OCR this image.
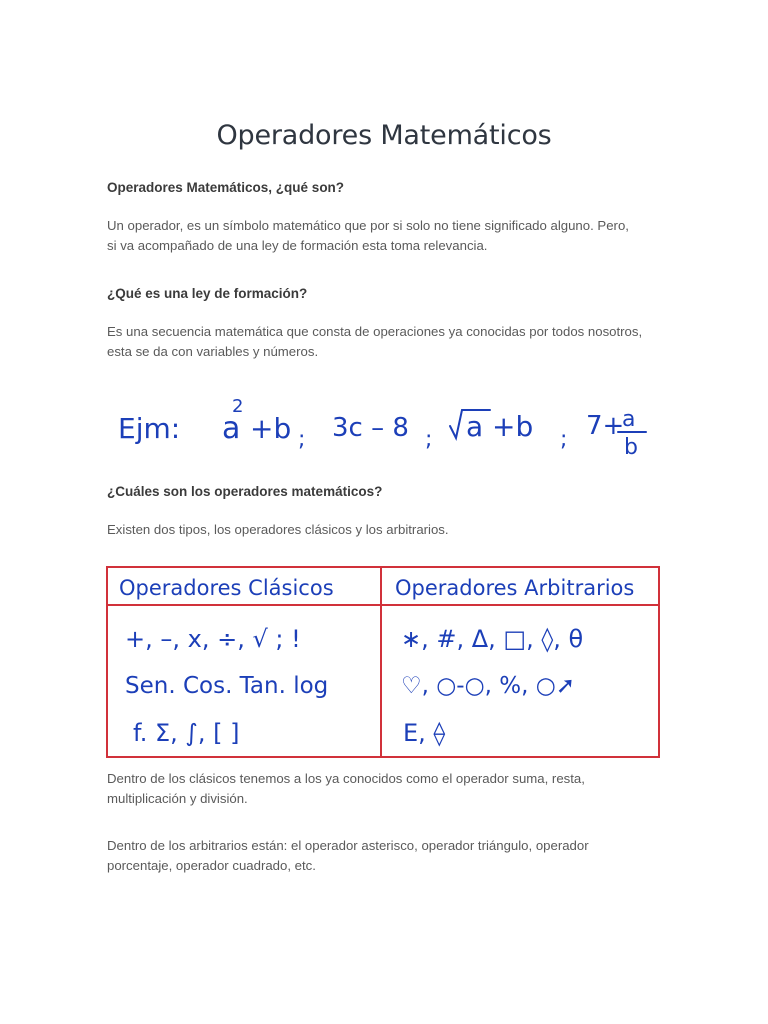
Operadores Matemáticos
Operadores Matemáticos, ¿qué son?
Un operador, es un símbolo matemático que por si solo no tiene significado alguno. Pero,
si va acompañado de una ley de formación esta toma relevancia.
¿Qué es una ley de formación?
Es una secuencia matemática que consta de operaciones ya conocidas por todos nosotros,
esta se da con variables y números.
Ejm: a
2
+b ; 3c – 8 ; a +b ; 7+
a
b
¿Cuáles son los operadores matemáticos?
Existen dos tipos, los operadores clásicos y los arbitrarios.
Operadores Clásicos	Operadores Arbitrarios
+, –, x, ÷, √ ; !
Sen. Cos. Tan. log
f. Σ, ∫, [ ]
∗, #, Δ, □, ◊, θ
♡, ○-○, %, ○➚
E, ⟠
Dentro de los clásicos tenemos a los ya conocidos como el operador suma, resta,
multiplicación y división.
Dentro de los arbitrarios están: el operador asterisco, operador triángulo, operador
porcentaje, operador cuadrado, etc.
